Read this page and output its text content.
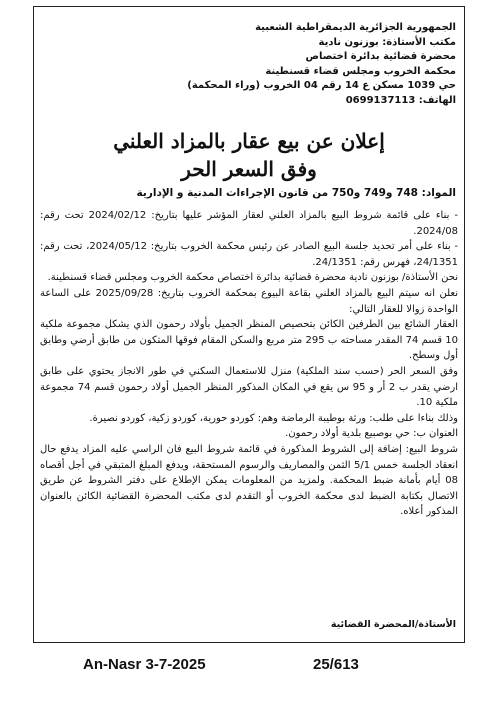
الجمهورية الجزائرية الديمقراطية الشعبية
مكتب الأستاذة: بوزنون نادية
محضرة قضائية بدائرة اختصاص
محكمة الخروب ومجلس قضاء قسنطينة
حي 1039 مسكن ع 14 رقم 04 الخروب (وراء المحكمة)
الهاتف: 0699137113
إعلان عن بيع عقار بالمزاد العلني
وفق السعر الحر
المواد: 748 و749 و750 من قانون الإجراءات المدنية و الإدارية

- بناء على قائمة شروط البيع بالمزاد العلني لعقار المؤشر عليها بتاريخ: 2024/02/12 تحت رقم: 2024/08.

- بناء على أمر تحديد جلسة البيع الصادر عن رئيس محكمة الخروب بتاريخ: 2024/05/12، تحت رقم: 24/1351، فهرس رقم: 24/1351.

نحن الأستاذة/ بوزنون نادية محضرة قضائية بدائرة اختصاص محكمة الخروب ومجلس قضاء قسنطينة.

نعلن انه سيتم البيع بالمزاد العلني بقاعة البيوع بمحكمة الخروب بتاريخ: 2025/09/28 على الساعة الواحدة زوالا للعقار التالي:

العقار الشائع بين الطرفين الكائن بتحصيص المنظر الجميل بأولاد رحمون الذي يشكل مجموعة ملكية 10 قسم 74 المقدر مساحته ب 295 متر مربع والسكن المقام فوقها المتكون من طابق أرضي وطابق أول وسطح.

وفق السعر الحر (حسب سند الملكية) منزل للاستعمال السكني في طور الانجاز يحتوي على طابق ارضي يقدر ب 2 أر و 95 س يقع في المكان المذكور المنظر الجميل أولاد رحمون قسم 74 مجموعة ملكية 10.

وذلك بناءا على طلب: ورثة بوطيبة الرماضة وهم: كوردو حورية، كوردو زكية، كوردو نصيرة.

العنوان ب: حي بوصبيع بلدية أولاد رحمون.

شروط البيع: إضافة إلى الشروط المذكورة في قائمة شروط البيع فان الراسي عليه المزاد يدفع حال انعقاد الجلسة خمس 5/1 الثمن والمصاريف والرسوم المستحقة، ويدفع المبلغ المتبقي في أجل أقصاه 08 أيام بأمانة ضبط المحكمة. ولمزيد من المعلومات يمكن الإطلاع على دفتر الشروط عن طريق الاتصال بكتابة الضبط لدى محكمة الخروب أو التقدم لدى مكتب المحضرة القضائية الكائن بالعنوان المذكور أعلاه.

الأستاذة/المحضرة القضائية
An-Nasr 3-7-2025	25/613
